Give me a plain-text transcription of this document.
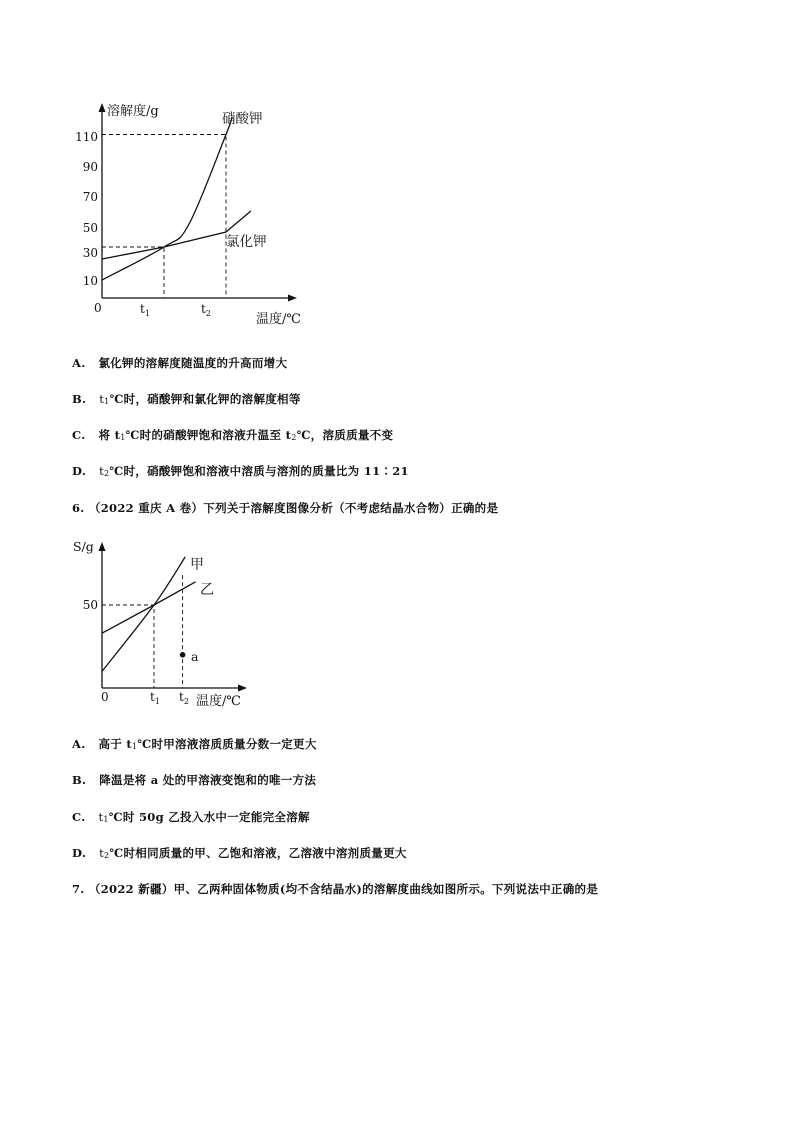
溶解度/g
温度/℃
0
110
90
70
50
30
10
$t_1$	$t_2$
硝酸钾
氯化钾
A. 氯化钾的溶解度随温度的升高而增大
B. t1℃时，硝酸钾和氯化钾的溶解度相等
C. 将 t1℃时的硝酸钾饱和溶液升温至 t2℃，溶质质量不变
D. t2℃时，硝酸钾饱和溶液中溶质与溶剂的质量比为 11∶21
6. （2022 重庆 A 卷）下列关于溶解度图像分析（不考虑结晶水合物）正确的是
S/g
温度/℃
0
50
$t_1$ $t_2$
a
甲
乙
A. 高于 t1℃时甲溶液溶质质量分数一定更大
B. 降温是将 a 处的甲溶液变饱和的唯一方法
C. t1℃时 50g 乙投入水中一定能完全溶解
D. t2℃时相同质量的甲、乙饱和溶液，乙溶液中溶剂质量更大
7. （2022 新疆）甲、乙两种固体物质(均不含结晶水)的溶解度曲线如图所示。下列说法中正确的是
